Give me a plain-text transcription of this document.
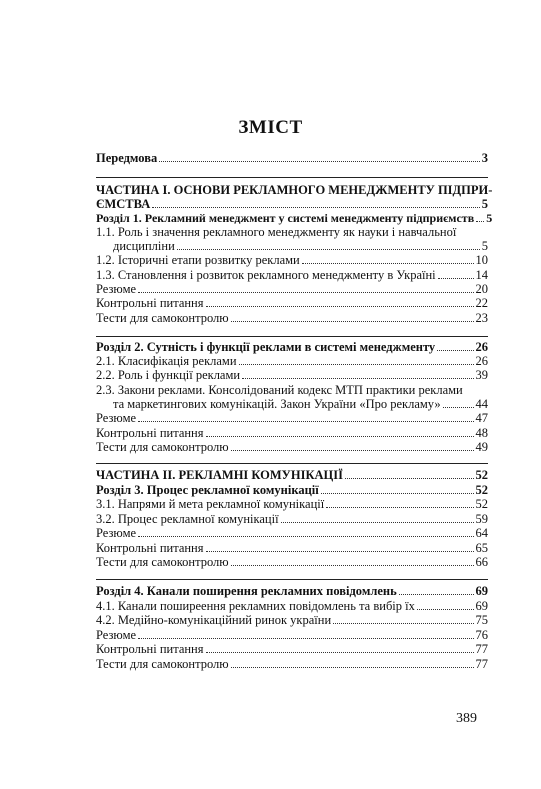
ЗМІСТ
Передмова	3
ЧАСТИНА І. ОСНОВИ РЕКЛАМНОГО МЕНЕДЖМЕНТУ ПІДПРИ-
ЄМСТВА	5
Розділ 1. Рекламний менеджмент у системі менеджменту підприємств 5
1.1. Роль і значення рекламного менеджменту як науки і навчальної
дисципліни	5
1.2. Історичні етапи розвитку реклами	10
1.3. Становлення і розвиток рекламного менеджменту в Україні	14
Резюме	20
Контрольні питання	22
Тести для самоконтролю	23
Розділ 2. Сутність і функції реклами в системі менеджменту	26
2.1. Класифікація реклами	26
2.2. Роль і функції реклами	39
2.3. Закони реклами. Консолідований кодекс МТП практики реклами
та маркетингових комунікацій. Закон України «Про рекламу»	44
Резюме	47
Контрольні питання	48
Тести для самоконтролю	49
ЧАСТИНА ІІ. РЕКЛАМНІ КОМУНІКАЦІЇ	52
Розділ 3. Процес рекламної комунікації	52
3.1. Напрями й мета рекламної комунікації	52
3.2. Процес рекламної комунікації	59
Резюме	64
Контрольні питання	65
Тести для самоконтролю	66
Розділ 4. Канали поширення рекламних повідомлень	69
4.1. Канали поширеення рекламних повідомлень та вибір їх	69
4.2. Медійно-комунікаційний ринок україни	75
Резюме	76
Контрольні питання	77
Тести для самоконтролю	77
389
